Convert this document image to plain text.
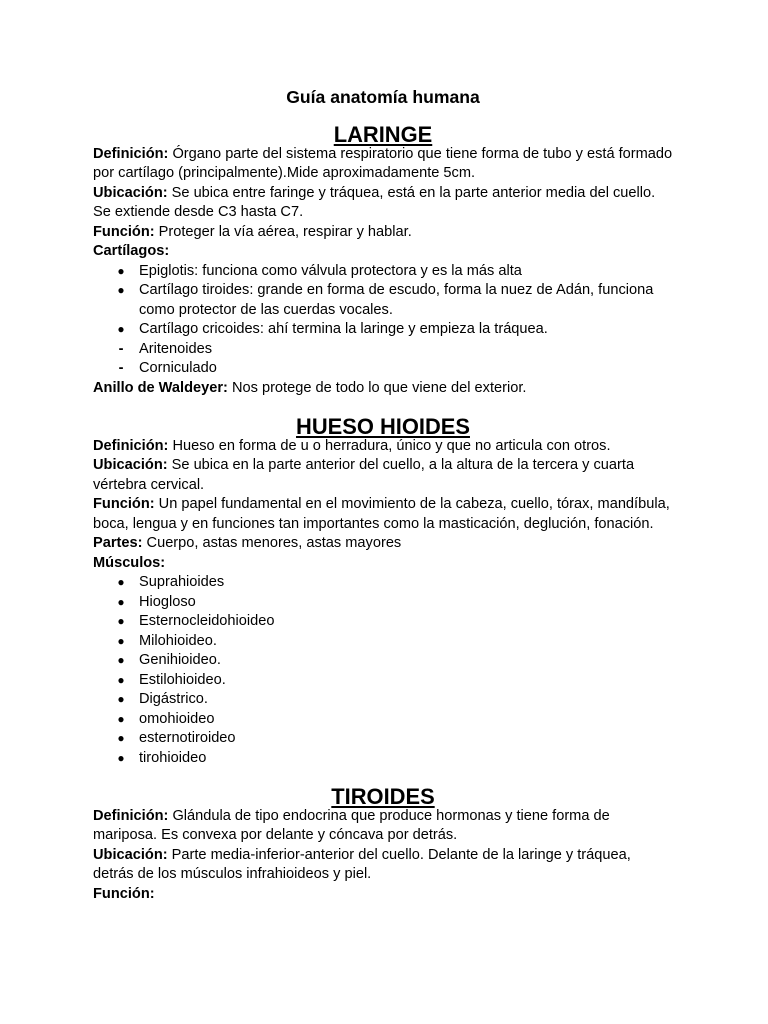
Guía anatomía humana
LARINGE

Definición: Órgano parte del sistema respiratorio que tiene forma de tubo y está formado por cartílago (principalmente).Mide aproximadamente 5cm.

Ubicación: Se ubica entre faringe y tráquea, está en la parte anterior media del cuello. Se extiende desde C3 hasta C7.

Función: Proteger la vía aérea, respirar y hablar.

Cartílagos:

● Epiglotis: funciona como válvula protectora y es la más alta
● Cartílago tiroides: grande en forma de escudo, forma la nuez de Adán, funciona como protector de las cuerdas vocales.
● Cartílago cricoides: ahí termina la laringe y empieza la tráquea.
-	Aritenoides
-	Corniculado

Anillo de Waldeyer: Nos protege de todo lo que viene del exterior.

HUESO HIOIDES

Definición: Hueso en forma de u o herradura, único y que no articula con otros.

Ubicación: Se ubica en la parte anterior del cuello, a la altura de la tercera y cuarta vértebra cervical.

Función: Un papel fundamental en el movimiento de la cabeza, cuello, tórax, mandíbula, boca, lengua y en funciones tan importantes como la masticación, deglución, fonación.

Partes: Cuerpo, astas menores, astas mayores

Músculos:

● Suprahioides
● Hiogloso
● Esternocleidohioideo
● Milohioideo.
● Genihioideo.
● Estilohioideo.
● Digástrico.
● omohioideo
● esternotiroideo
● tirohioideo
TIROIDES

Definición: Glándula de tipo endocrina que produce hormonas y tiene forma de mariposa. Es convexa por delante y cóncava por detrás.

Ubicación: Parte media-inferior-anterior del cuello. Delante de la laringe y tráquea, detrás de los músculos infrahioideos y piel.

Función:
